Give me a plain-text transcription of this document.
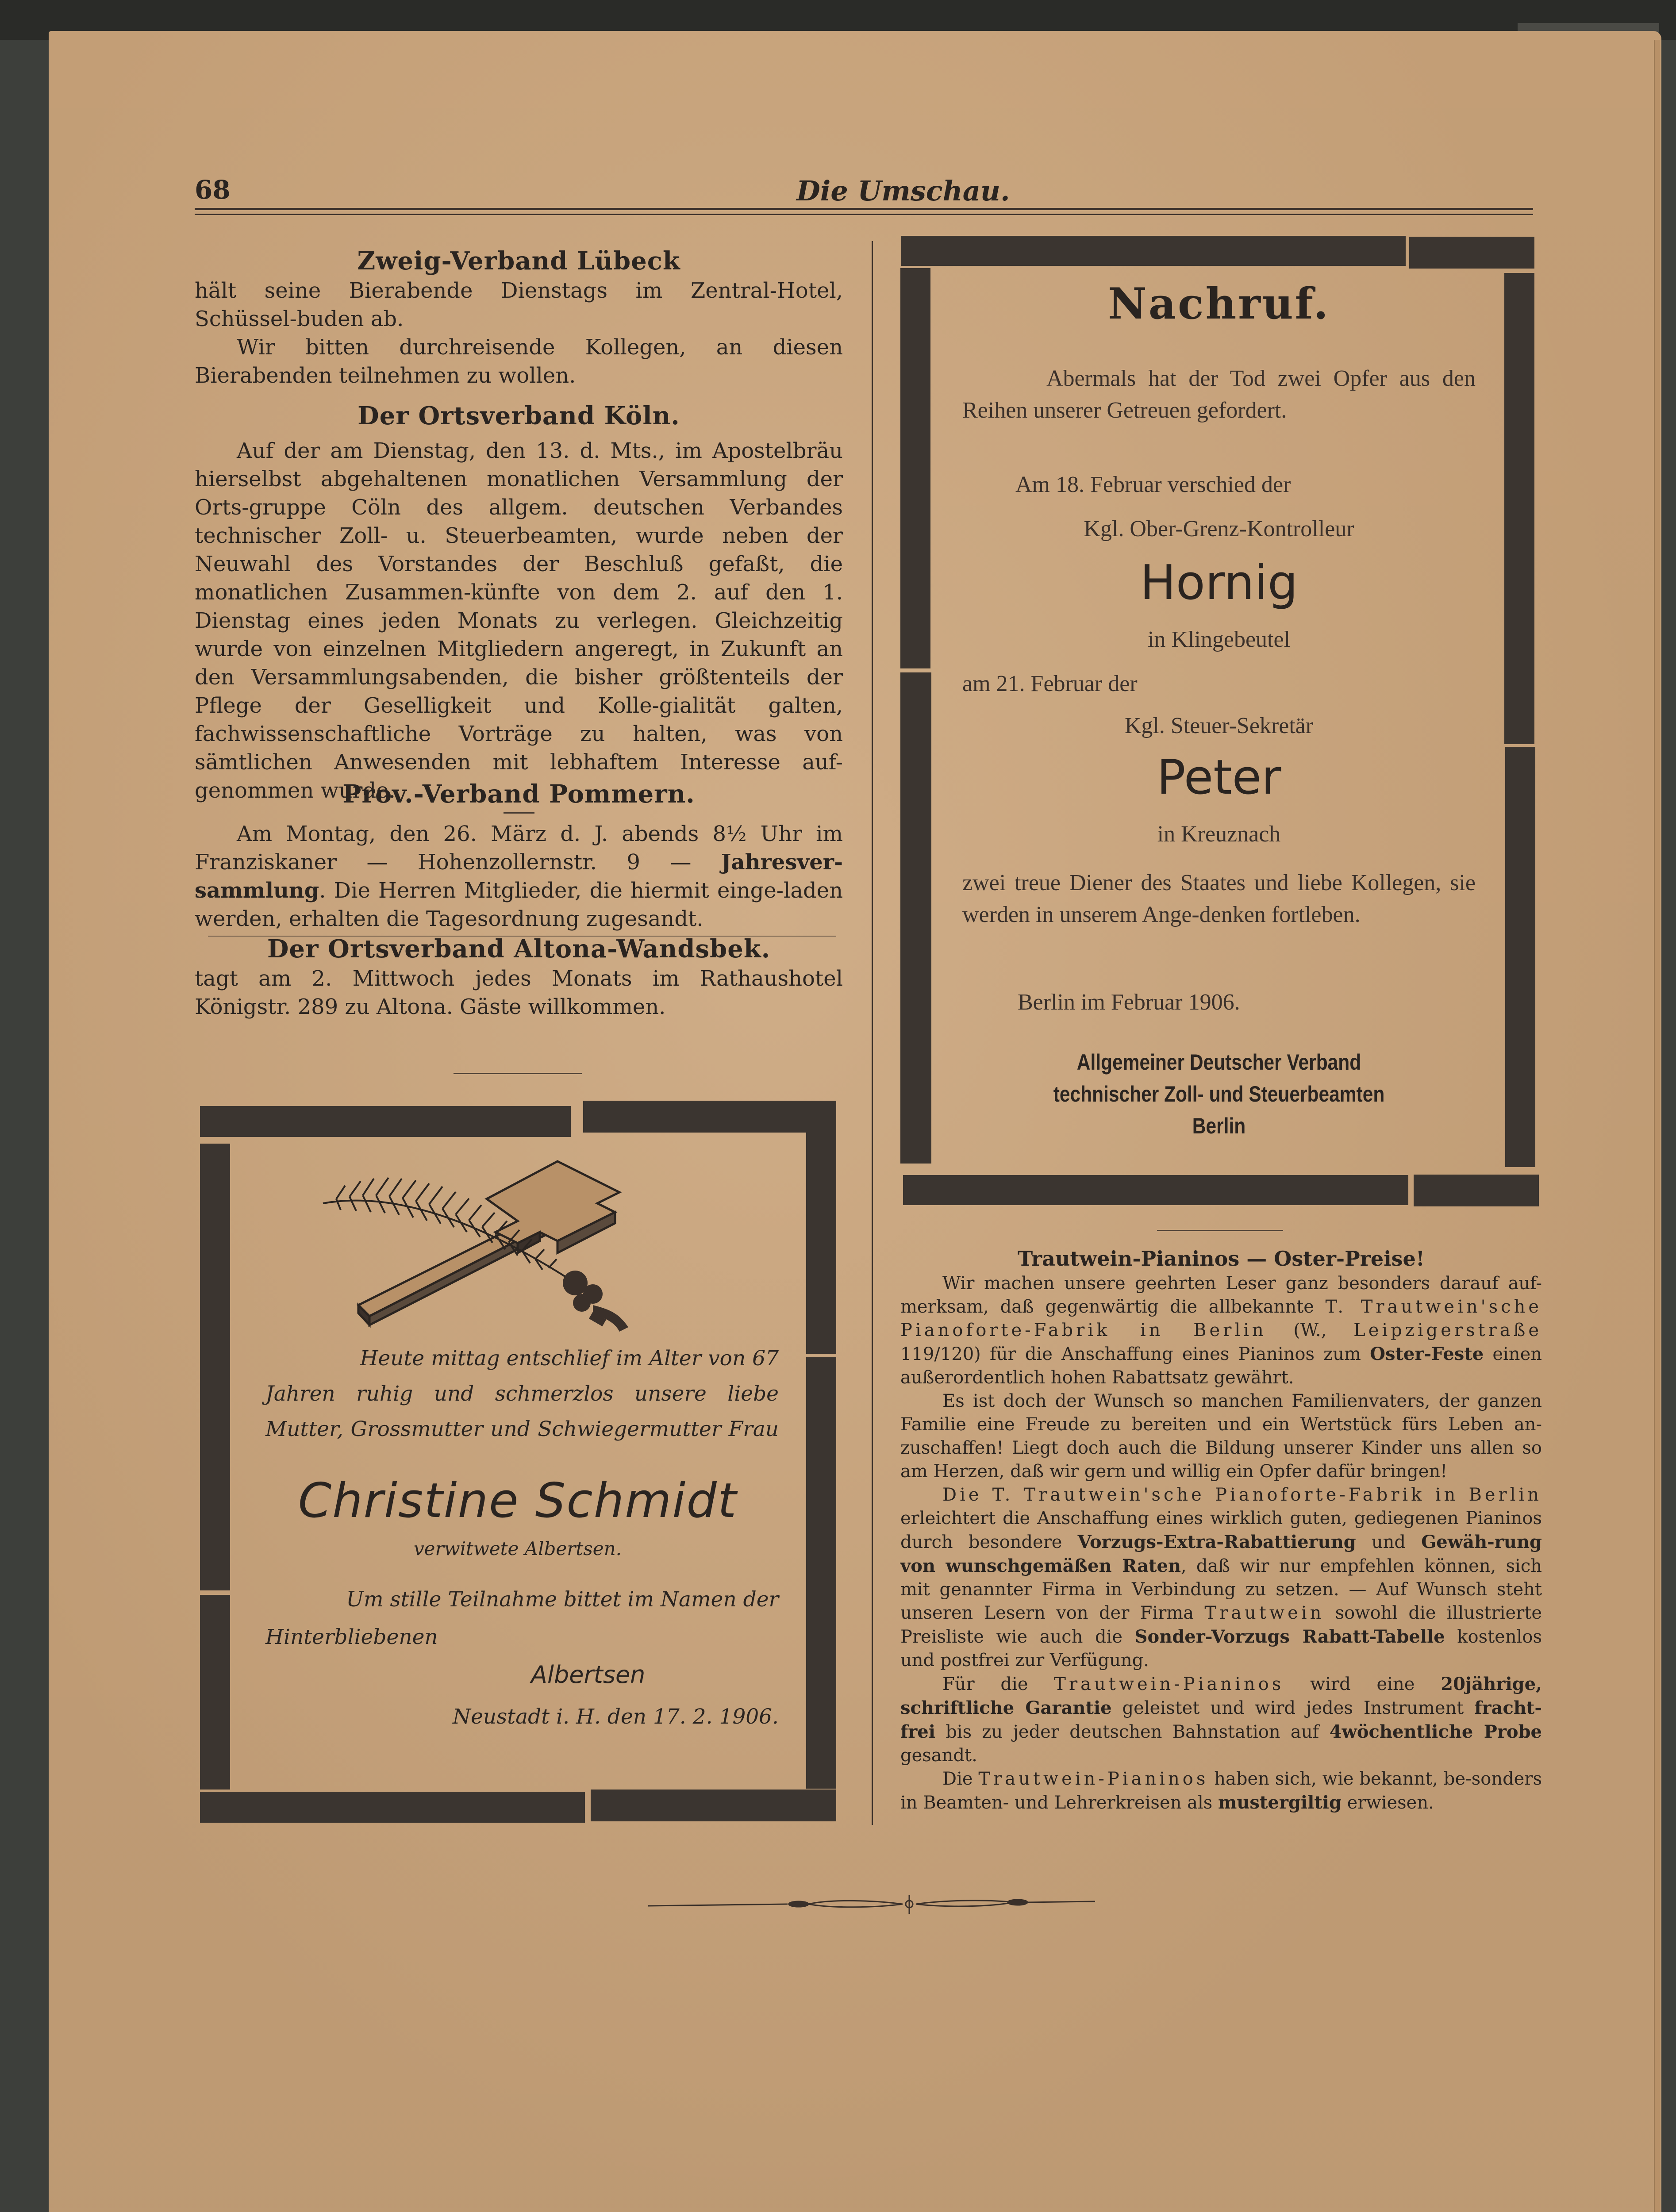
68	Die Umschau.
Zweig-Verband Lübeck

hält seine Bierabende Dienstags im Zentral-Hotel, Schüssel-buden ab.

Wir bitten durchreisende Kollegen, an diesen Bierabenden teilnehmen zu wollen.

Der Ortsverband Köln.

Auf der am Dienstag, den 13. d. Mts., im Apostelbräu hierselbst abgehaltenen monatlichen Versammlung der Orts-gruppe Cöln des allgem. deutschen Verbandes technischer Zoll- u. Steuerbeamten, wurde neben der Neuwahl des Vorstandes der Beschluß gefaßt, die monatlichen Zusammen-künfte von dem 2. auf den 1. Dienstag eines jeden Monats zu verlegen. Gleichzeitig wurde von einzelnen Mitgliedern angeregt, in Zukunft an den Versammlungsabenden, die bisher größtenteils der Pflege der Geselligkeit und Kolle-gialität galten, fachwissenschaftliche Vorträge zu halten, was von sämtlichen Anwesenden mit lebhaftem Interesse auf-genommen wurde.

Prov.-Verband Pommern.

Am Montag, den 26. März d. J. abends 8½ Uhr im Franziskaner — Hohenzollernstr. 9 — Jahresver-sammlung. Die Herren Mitglieder, die hiermit einge-laden werden, erhalten die Tagesordnung zugesandt.

Der Ortsverband Altona-Wandsbek.

tagt am 2. Mittwoch jedes Monats im Rathaushotel Königstr. 289 zu Altona. Gäste willkommen.

Heute mittag entschlief im Alter von 67
Jahren ruhig und schmerzlos unsere liebe
Mutter, Grossmutter und Schwiegermutter Frau
Christine Schmidt
verwitwete Albertsen.
Um stille Teilnahme bittet im Namen der
Hinterbliebenen
Albertsen
Neustadt i. H. den 17. 2. 1906.
Nachruf.
Abermals hat der Tod zwei Opfer aus den Reihen unserer Getreuen gefordert.
Am 18. Februar verschied der
Kgl. Ober-Grenz-Kontrolleur
Hornig
in Klingebeutel
am 21. Februar der
Kgl. Steuer-Sekretär
Peter
in Kreuznach
zwei treue Diener des Staates und liebe Kollegen, sie werden in unserem Ange-denken fortleben.
Berlin im Februar 1906.
Allgemeiner Deutscher Verband
technischer Zoll- und Steuerbeamten
Berlin
Trautwein-Pianinos — Oster-Preise!

Wir machen unsere geehrten Leser ganz besonders darauf auf-merksam, daß gegenwärtig die allbekannte T. Trautwein'sche Pianoforte-Fabrik in Berlin (W., Leipzigerstraße 119/120) für die Anschaffung eines Pianinos zum Oster-Feste einen außerordentlich hohen Rabattsatz gewährt.

Es ist doch der Wunsch so manchen Familienvaters, der ganzen Familie eine Freude zu bereiten und ein Wertstück fürs Leben an-zuschaffen! Liegt doch auch die Bildung unserer Kinder uns allen so am Herzen, daß wir gern und willig ein Opfer dafür bringen!

Die T. Trautwein'sche Pianoforte-Fabrik in Berlin erleichtert die Anschaffung eines wirklich guten, gediegenen Pianinos durch besondere Vorzugs-Extra-Rabattierung und Gewäh-rung von wunschgemäßen Raten, daß wir nur empfehlen können, sich mit genannter Firma in Verbindung zu setzen. — Auf Wunsch steht unseren Lesern von der Firma Trautwein sowohl die illustrierte Preisliste wie auch die Sonder-Vorzugs Rabatt-Tabelle kostenlos und postfrei zur Verfügung.

Für die Trautwein-Pianinos wird eine 20jährige, schriftliche Garantie geleistet und wird jedes Instrument fracht-frei bis zu jeder deutschen Bahnstation auf 4wöchentliche Probe gesandt.

Die Trautwein-Pianinos haben sich, wie bekannt, be-sonders in Beamten- und Lehrerkreisen als mustergiltig erwiesen.
